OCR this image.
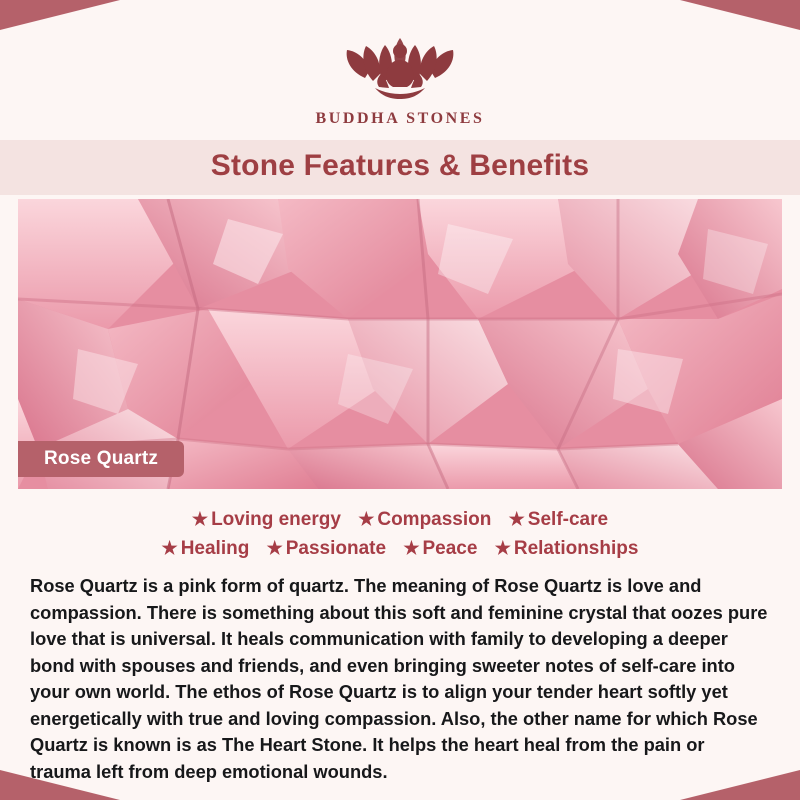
BUDDHA STONES
Stone Features & Benefits
Rose Quartz
★ Loving energy ★ Compassion ★ Self-care
★ Healing ★ Passionate ★ Peace ★ Relationships
Rose Quartz is a pink form of quartz. The meaning of Rose Quartz is love and compassion. There is something about this soft and feminine crystal that oozes pure love that is universal. It heals communication with family to developing a deeper bond with spouses and friends, and even bringing sweeter notes of self-care into your own world. The ethos of Rose Quartz is to align your tender heart softly yet energetically with true and loving compassion. Also, the other name for which Rose Quartz is known is as The Heart Stone. It helps the heart heal from the pain or trauma left from deep emotional wounds.
